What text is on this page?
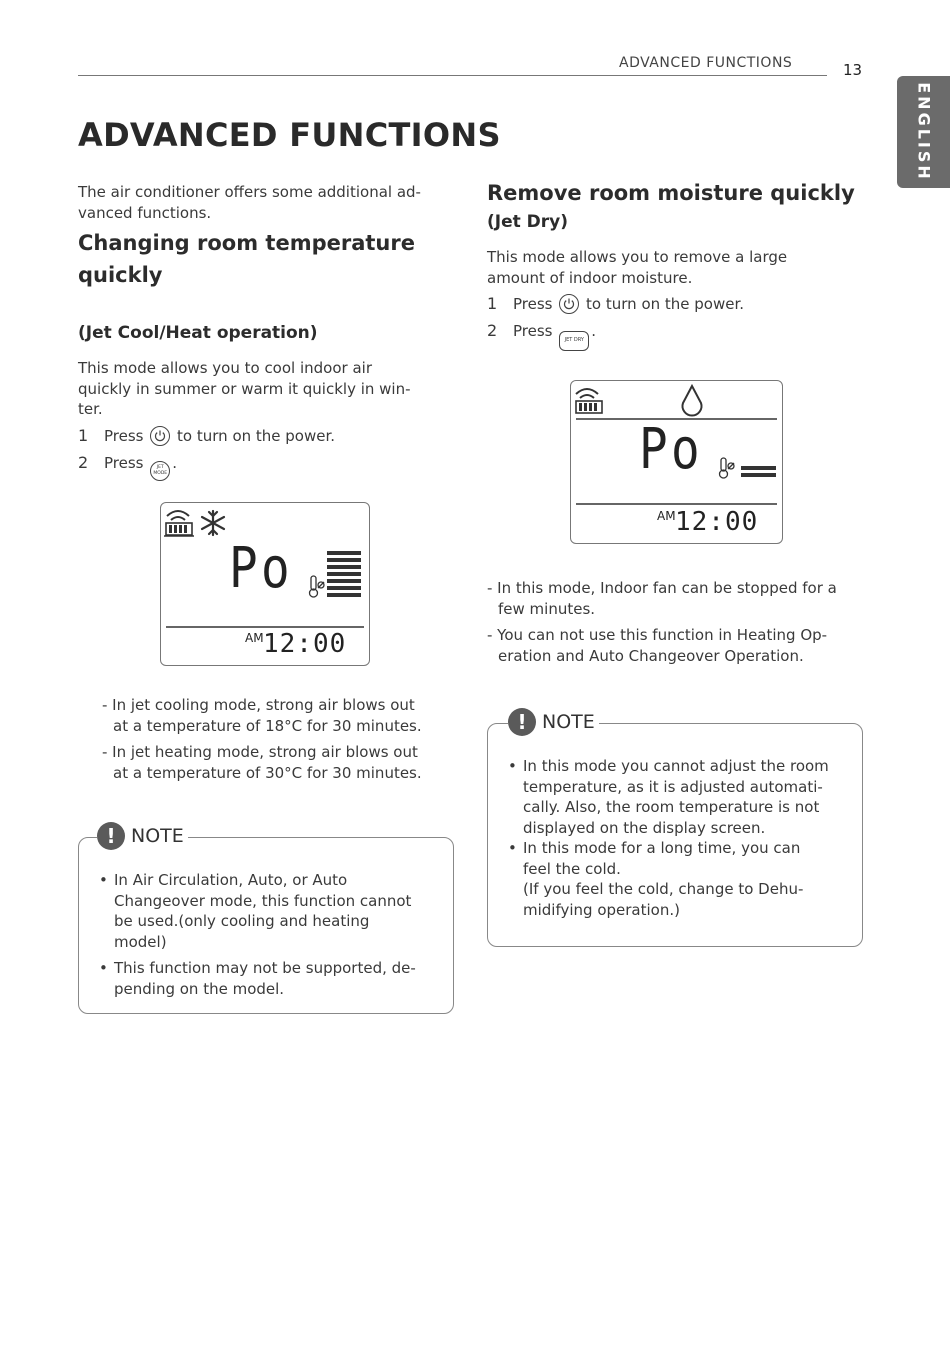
ADVANCED FUNCTIONS	13
ENGLISH
ADVANCED FUNCTIONS
The air conditioner offers some additional ad-
vanced functions.
Changing room temperature
quickly
(Jet Cool/Heat operation)
This mode allows you to cool indoor air
quickly in summer or warm it quickly in win-
ter.
1 Press to turn on the power.
2 Press	JET
MODE.
Po
AM 12:00
- In jet cooling mode, strong air blows out
at a temperature of 18°C for 30 minutes.
- In jet heating mode, strong air blows out
at a temperature of 30°C for 30 minutes.
! NOTE
• In Air Circulation, Auto, or Auto
Changeover mode, this function cannot
be used.(only cooling and heating
model)
• This function may not be supported, de-
pending on the model.
Remove room moisture quickly
(Jet Dry)
This mode allows you to remove a large
amount of indoor moisture.
1 Press to turn on the power.
2 Press JET DRY .
Po
AM 12:00
- In this mode, Indoor fan can be stopped for a
few minutes.
- You can not use this function in Heating Op-
eration and Auto Changeover Operation.
! NOTE
• In this mode you cannot adjust the room
temperature, as it is adjusted automati-
cally. Also, the room temperature is not
displayed on the display screen.
• In this mode for a long time, you can
feel the cold.
(If you feel the cold, change to Dehu-
midifying operation.)
